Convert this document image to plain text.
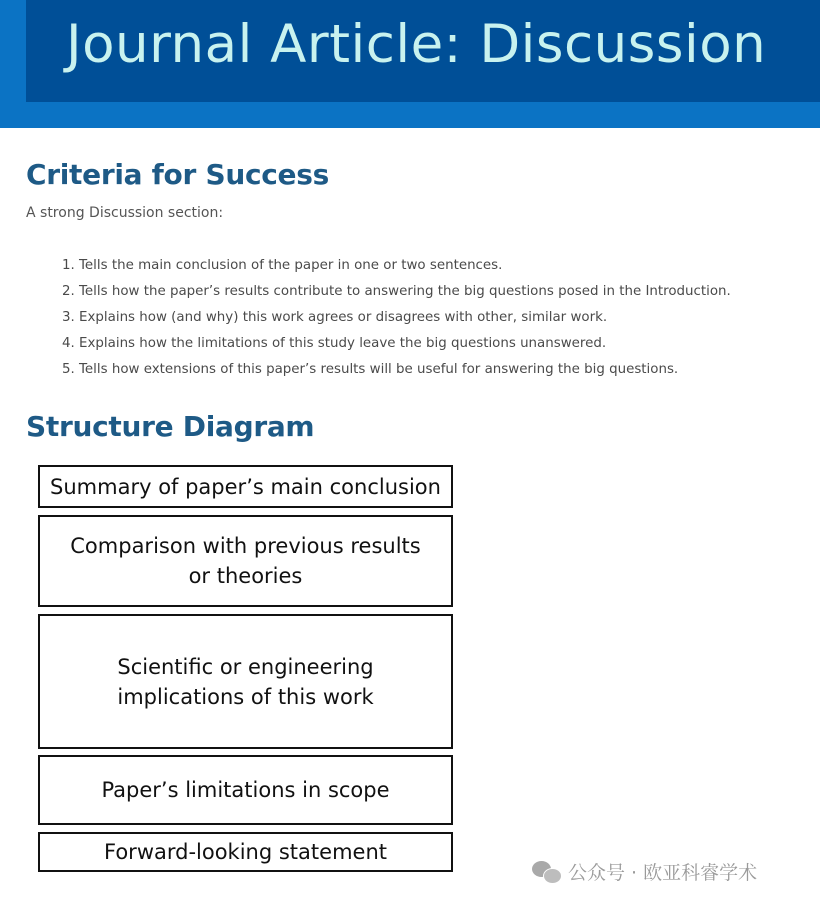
Journal Article: Discussion
Criteria for Success

A strong Discussion section:

1. Tells the main conclusion of the paper in one or two sentences.
2. Tells how the paper’s results contribute to answering the big questions posed in the Introduction.
3. Explains how (and why) this work agrees or disagrees with other, similar work.
4. Explains how the limitations of this study leave the big questions unanswered.
5. Tells how extensions of this paper’s results will be useful for answering the big questions.
Structure Diagram
Summary of paper’s main conclusion
Comparison with previous results
or theories
Scientific or engineering
implications of this work
Paper’s limitations in scope
Forward-looking statement
公众号 · 欧亚科睿学术
